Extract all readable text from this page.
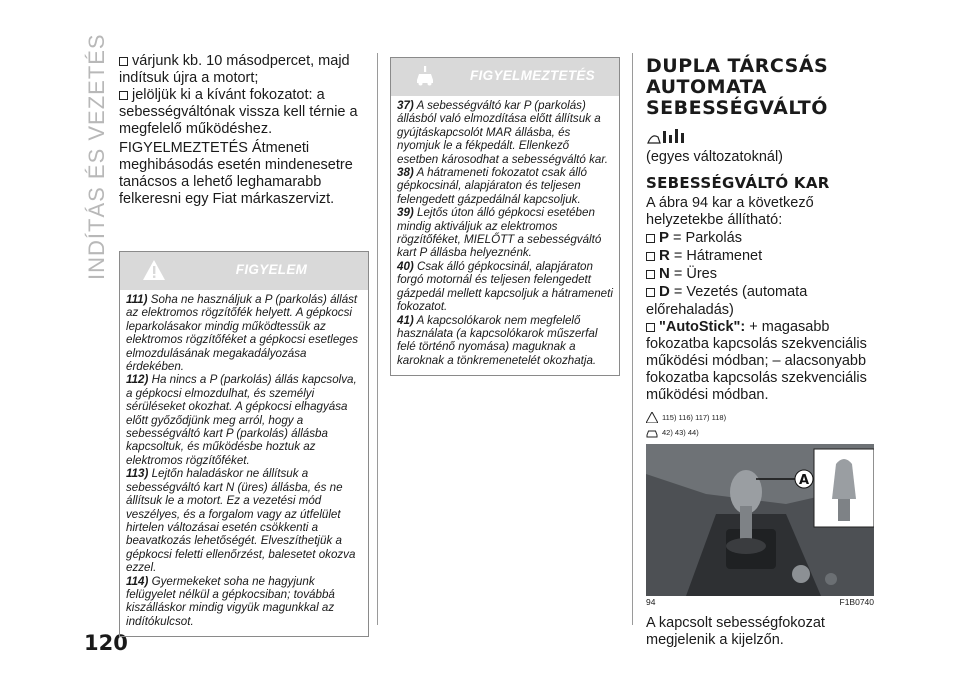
INDÍTÁS ÉS VEZETÉS
120

várjunk kb. 10 másodpercet, majd indítsuk újra a motort;

jelöljük ki a kívánt fokozatot: a sebességváltónak vissza kell térnie a megfelelő működéshez.

FIGYELMEZTETÉS Átmeneti meghibásodás esetén mindenesetre tanácsos a lehető leghamarabb felkeresni egy Fiat márkaszervizt.

FIGYELEM

111) Soha ne használjuk a P (parkolás) állást az elektromos rögzítőfék helyett. A gépkocsi leparkolásakor mindig működtessük az elektromos rögzítőféket a gépkocsi esetleges elmozdulásának megakadályozása érdekében.

112) Ha nincs a P (parkolás) állás kapcsolva, a gépkocsi elmozdulhat, és személyi sérüléseket okozhat. A gépkocsi elhagyása előtt győződjünk meg arról, hogy a sebességváltó kart P (parkolás) állásba kapcsoltuk, és működésbe hoztuk az elektromos rögzítőféket.

113) Lejtőn haladáskor ne állítsuk a sebességváltó kart N (üres) állásba, és ne állítsuk le a motort. Ez a vezetési mód veszélyes, és a forgalom vagy az útfelület hirtelen változásai esetén csökkenti a beavatkozás lehetőségét. Elveszíthetjük a gépkocsi feletti ellenőrzést, balesetet okozva ezzel.

114) Gyermekeket soha ne hagyjunk felügyelet nélkül a gépkocsiban; továbbá kiszálláskor mindig vigyük magunkkal az indítókulcsot.

FIGYELMEZTETÉS

37) A sebességváltó kar P (parkolás) állásból való elmozdítása előtt állítsuk a gyújtáskapcsolót MAR állásba, és nyomjuk le a fékpedált. Ellenkező esetben károsodhat a sebességváltó kar.

38) A hátrameneti fokozatot csak álló gépkocsinál, alapjáraton és teljesen felengedett gázpedálnál kapcsoljuk.

39) Lejtős úton álló gépkocsi esetében mindig aktiváljuk az elektromos rögzítőféket, MIELŐTT a sebességváltó kart P állásba helyeznénk.

40) Csak álló gépkocsinál, alapjáraton forgó motornál és teljesen felengedett gázpedál mellett kapcsoljuk a hátrameneti fokozatot.

41) A kapcsolókarok nem megfelelő használata (a kapcsolókarok műszerfal felé történő nyomása) maguknak a karoknak a tönkremenetelét okozhatja.

DUPLA TÁRCSÁS
AUTOMATA
SEBESSÉGVÁLTÓ

(egyes változatoknál)

SEBESSÉGVÁLTÓ KAR

A ábra 94 kar a következő helyzetekbe állítható:

P = Parkolás
R = Hátramenet
N = Üres
D = Vezetés (automata előrehaladás)

"AutoStick": + magasabb fokozatba kapcsolás szekvenciális működési módban; – alacsonyabb fokozatba kapcsolás szekvenciális működési módban.

115) 116) 117) 118)
42) 43) 44)
A
94	F1B0740

A kapcsolt sebességfokozat megjelenik a kijelzőn.
